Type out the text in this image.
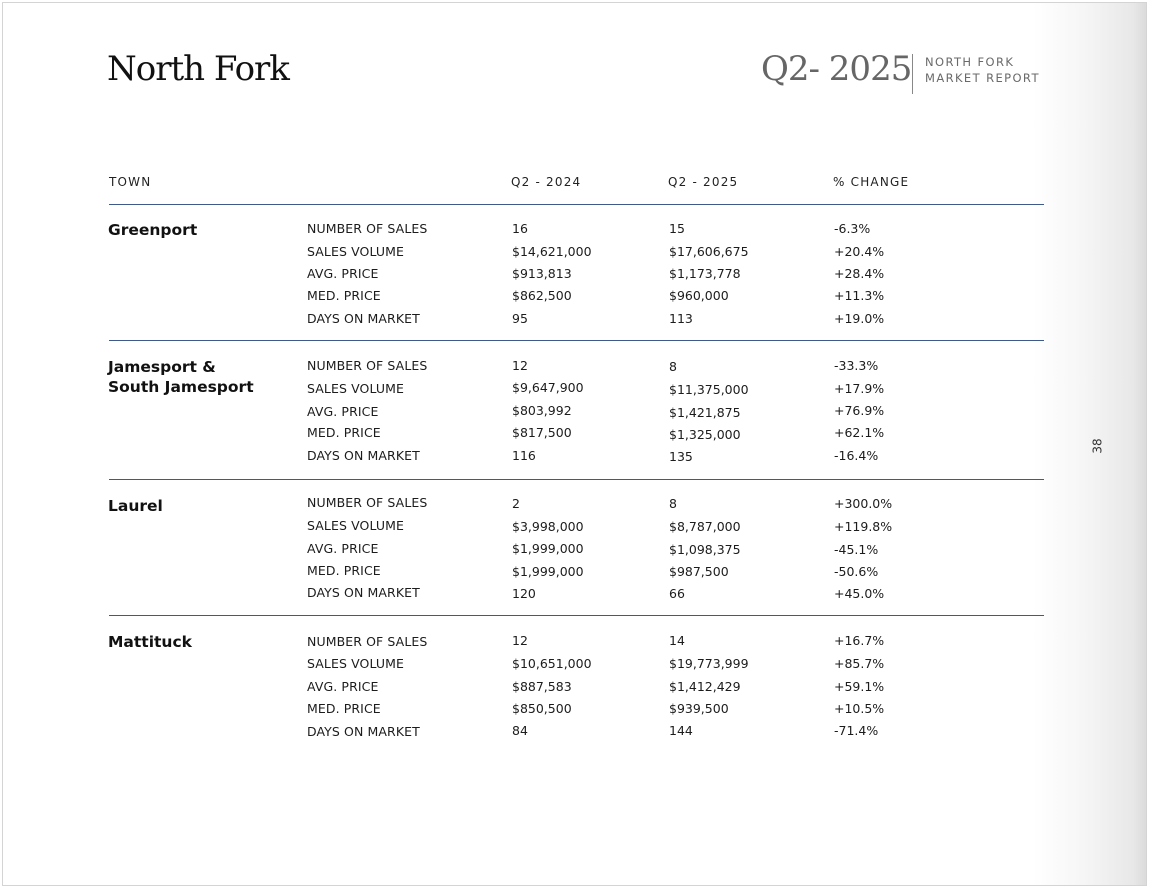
North Fork	Q2- 2025 NORTH FORK
MARKET REPORT
TOWN	Q2 - 2024	Q2 - 2025	% CHANGE
Greenport	NUMBER OF SALES	16	15	-6.3%
SALES VOLUME	$14,621,000	$17,606,675	+20.4%
AVG. PRICE	$913,813	$1,173,778	+28.4%
MED. PRICE	$862,500	$960,000	+11.3%
DAYS ON MARKET	95	113	+19.0%
Jamesport &
South Jamesport
NUMBER OF SALES	12	8	-33.3%
SALES VOLUME	$9,647,900	$11,375,000	+17.9%
AVG. PRICE	$803,992	$1,421,875	+76.9%
MED. PRICE	$817,500	$1,325,000	+62.1%
DAYS ON MARKET	116	135	-16.4%
Laurel	NUMBER OF SALES	2	8	+300.0%
SALES VOLUME	$3,998,000	$8,787,000	+119.8%
AVG. PRICE	$1,999,000	$1,098,375	-45.1%
MED. PRICE	$1,999,000	$987,500	-50.6%
DAYS ON MARKET	120	66	+45.0%
Mattituck	NUMBER OF SALES	12	14	+16.7%
SALES VOLUME	$10,651,000	$19,773,999	+85.7%
AVG. PRICE	$887,583	$1,412,429	+59.1%
MED. PRICE	$850,500	$939,500	+10.5%
DAYS ON MARKET	84	144	-71.4%
38
